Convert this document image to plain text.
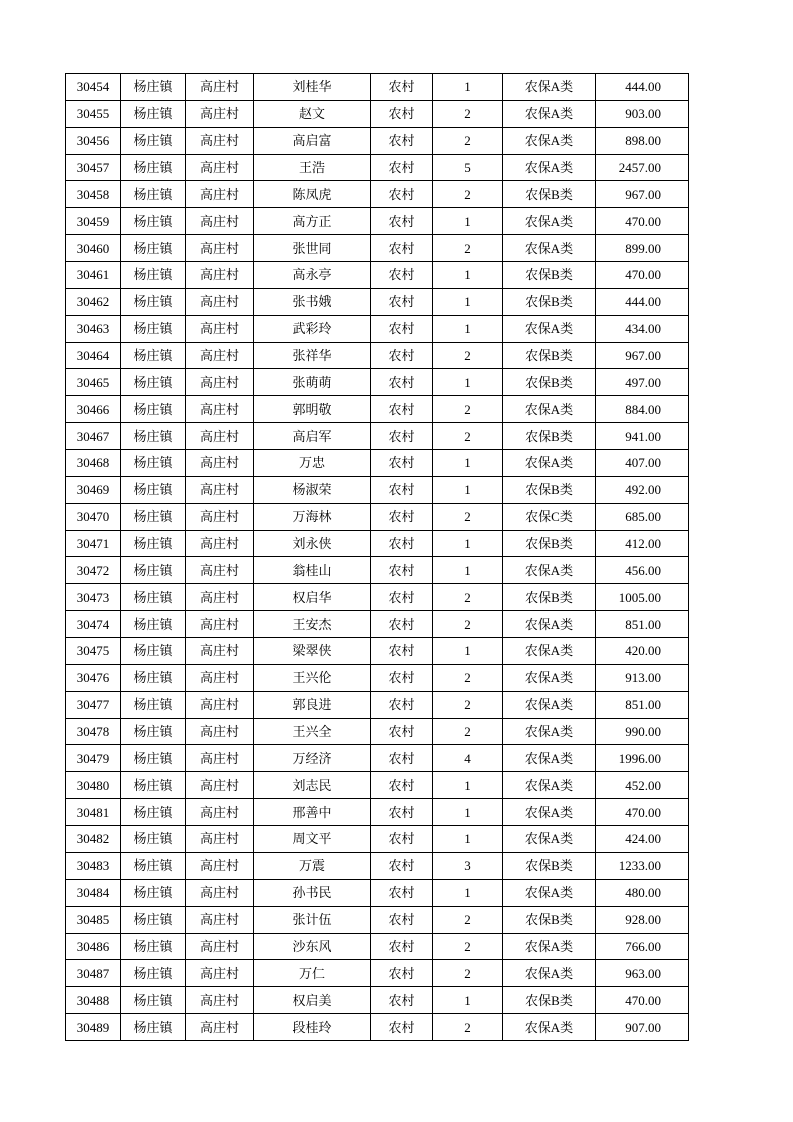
30454	杨庄镇	高庄村	刘桂华	农村	1	农保A类	444.00
30455	杨庄镇	高庄村	赵文	农村	2	农保A类	903.00
30456	杨庄镇	高庄村	高启富	农村	2	农保A类	898.00
30457	杨庄镇	高庄村	王浩	农村	5	农保A类	2457.00
30458	杨庄镇	高庄村	陈凤虎	农村	2	农保B类	967.00
30459	杨庄镇	高庄村	高方正	农村	1	农保A类	470.00
30460	杨庄镇	高庄村	张世同	农村	2	农保A类	899.00
30461	杨庄镇	高庄村	高永亭	农村	1	农保B类	470.00
30462	杨庄镇	高庄村	张书娥	农村	1	农保B类	444.00
30463	杨庄镇	高庄村	武彩玲	农村	1	农保A类	434.00
30464	杨庄镇	高庄村	张祥华	农村	2	农保B类	967.00
30465	杨庄镇	高庄村	张萌萌	农村	1	农保B类	497.00
30466	杨庄镇	高庄村	郭明敬	农村	2	农保A类	884.00
30467	杨庄镇	高庄村	高启军	农村	2	农保B类	941.00
30468	杨庄镇	高庄村	万忠	农村	1	农保A类	407.00
30469	杨庄镇	高庄村	杨淑荣	农村	1	农保B类	492.00
30470	杨庄镇	高庄村	万海林	农村	2	农保C类	685.00
30471	杨庄镇	高庄村	刘永侠	农村	1	农保B类	412.00
30472	杨庄镇	高庄村	翁桂山	农村	1	农保A类	456.00
30473	杨庄镇	高庄村	权启华	农村	2	农保B类	1005.00
30474	杨庄镇	高庄村	王安杰	农村	2	农保A类	851.00
30475	杨庄镇	高庄村	梁翠侠	农村	1	农保A类	420.00
30476	杨庄镇	高庄村	王兴伦	农村	2	农保A类	913.00
30477	杨庄镇	高庄村	郭良进	农村	2	农保A类	851.00
30478	杨庄镇	高庄村	王兴全	农村	2	农保A类	990.00
30479	杨庄镇	高庄村	万经济	农村	4	农保A类	1996.00
30480	杨庄镇	高庄村	刘志民	农村	1	农保A类	452.00
30481	杨庄镇	高庄村	邢善中	农村	1	农保A类	470.00
30482	杨庄镇	高庄村	周文平	农村	1	农保A类	424.00
30483	杨庄镇	高庄村	万震	农村	3	农保B类	1233.00
30484	杨庄镇	高庄村	孙书民	农村	1	农保A类	480.00
30485	杨庄镇	高庄村	张计伍	农村	2	农保B类	928.00
30486	杨庄镇	高庄村	沙东风	农村	2	农保A类	766.00
30487	杨庄镇	高庄村	万仁	农村	2	农保A类	963.00
30488	杨庄镇	高庄村	权启美	农村	1	农保B类	470.00
30489	杨庄镇	高庄村	段桂玲	农村	2	农保A类	907.00
